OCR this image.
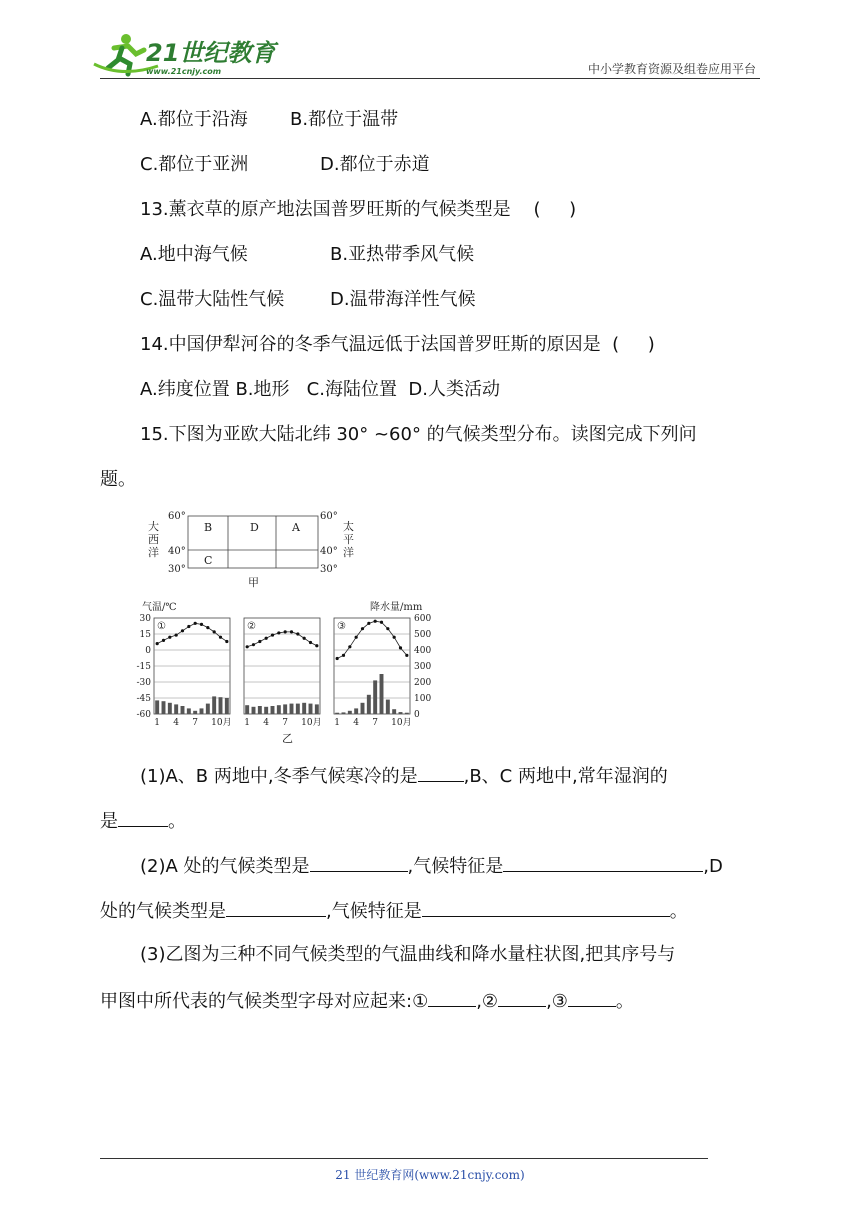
21世纪教育
www.21cnjy.com	中小学教育资源及组卷应用平台
A.都位于沿海 B.都位于温带
C.都位于亚洲	D.都位于赤道
13.薰衣草的原产地法国普罗旺斯的气候类型是    (     )
A.地中海气候	B.亚热带季风气候
C.温带大陆性气候	D.温带海洋性气候
14.中国伊犁河谷的冬季气温远低于法国普罗旺斯的原因是  (     )
A.纬度位置 B.地形   C.海陆位置  D.人类活动
15.下图为亚欧大陆北纬 30° ~60° 的气候类型分布。读图完成下列问
题。
B	D	A
C
60°
40°
30°
60°
40°
30°
大西洋
太平洋
甲
气温/℃	降水量/mm
30
15
0
-15
-30
-45
-60
600
500
400
300
200
100
0
①
1 4 7 10月
②
1 4 7 10月
③
1 4 7 10月
乙
(1)A、B 两地中,冬季气候寒冷的是	,B、C 两地中,常年湿润的
是	。
(2)A 处的气候类型是	,气候特征是	,D
处的气候类型是	,气候特征是	。
(3)乙图为三种不同气候类型的气温曲线和降水量柱状图,把其序号与
甲图中所代表的气候类型字母对应起来:①	,②	,③	。
21 世纪教育网(www.21cnjy.com)
